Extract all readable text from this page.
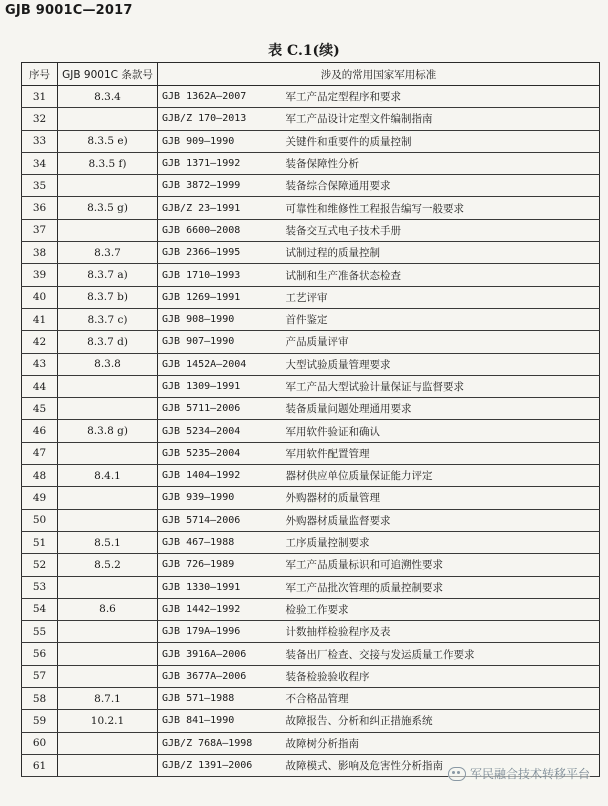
GJB 9001C—2017
表 C.1(续)
序号	GJB 9001C 条款号	涉及的常用国家军用标准	
31	8.3.4	GJB 1362A—2007	军工产品定型程序和要求
32		GJB/Z 170—2013	军工产品设计定型文件编制指南
33	8.3.5 e)	GJB 909—1990	关键件和重要件的质量控制
34	8.3.5 f)	GJB 1371—1992	装备保障性分析
35		GJB 3872—1999	装备综合保障通用要求
36	8.3.5 g)	GJB/Z 23—1991	可靠性和维修性工程报告编写一般要求
37		GJB 6600—2008	装备交互式电子技术手册
38	8.3.7	GJB 2366—1995	试制过程的质量控制
39	8.3.7 a)	GJB 1710—1993	试制和生产准备状态检查
40	8.3.7 b)	GJB 1269—1991	工艺评审
41	8.3.7 c)	GJB 908—1990	首件鉴定
42	8.3.7 d)	GJB 907—1990	产品质量评审
43	8.3.8	GJB 1452A—2004	大型试验质量管理要求
44		GJB 1309—1991	军工产品大型试验计量保证与监督要求
45		GJB 5711—2006	装备质量问题处理通用要求
46	8.3.8 g)	GJB 5234—2004	军用软件验证和确认
47		GJB 5235—2004	军用软件配置管理
48	8.4.1	GJB 1404—1992	器材供应单位质量保证能力评定
49		GJB 939—1990	外购器材的质量管理
50		GJB 5714—2006	外购器材质量监督要求
51	8.5.1	GJB 467—1988	工序质量控制要求
52	8.5.2	GJB 726—1989	军工产品质量标识和可追溯性要求
53		GJB 1330—1991	军工产品批次管理的质量控制要求
54	8.6	GJB 1442—1992	检验工作要求
55		GJB 179A—1996	计数抽样检验程序及表
56		GJB 3916A—2006	装备出厂检查、交接与发运质量工作要求
57		GJB 3677A—2006	装备检验验收程序
58	8.7.1	GJB 571—1988	不合格品管理
59	10.2.1	GJB 841—1990	故障报告、分析和纠正措施系统
60		GJB/Z 768A—1998	故障树分析指南
61		GJB/Z 1391—2006	故障模式、影响及危害性分析指南
军民融合技术转移平台
